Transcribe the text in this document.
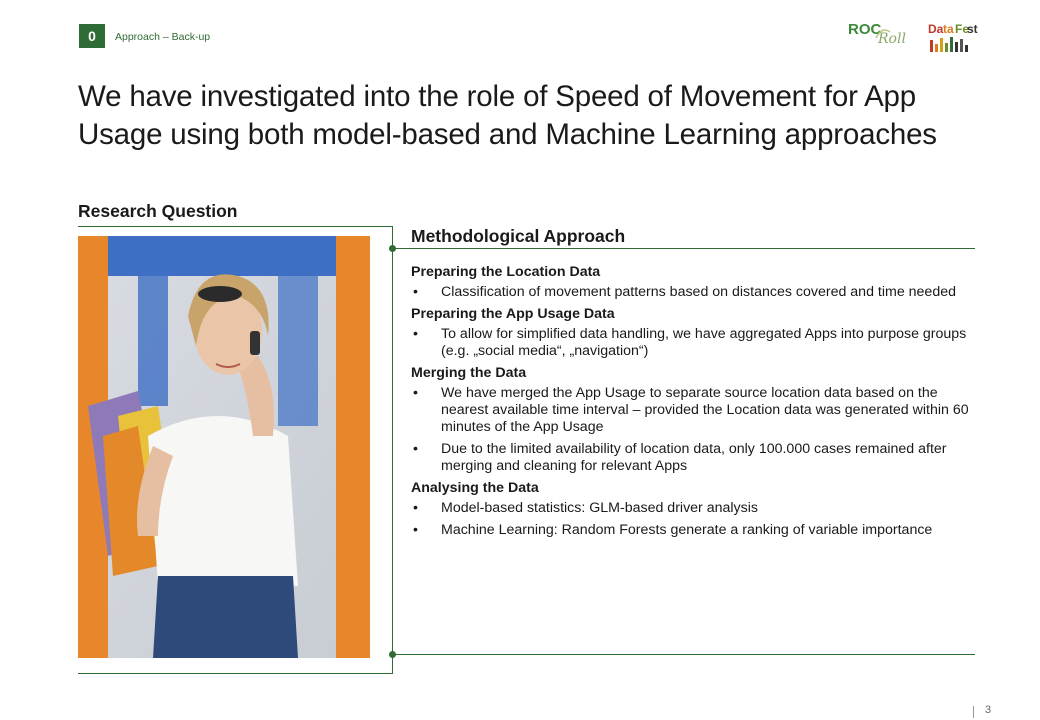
0	Approach – Back-up	ROC
Roll
Da ta Fe
st
We have investigated into the role of Speed of Movement for App Usage using both model-based and Machine Learning approaches
Research Question
Methodological Approach
Preparing the Location Data
• Classification of movement patterns based on distances covered and time needed
Preparing the App Usage Data
• To allow for simplified data handling, we have aggregated Apps into purpose groups (e.g. „social media“, „navigation“)
Merging the Data
• We have merged the App Usage to separate source location data based on the nearest available time interval – provided the Location data was generated within 60 minutes of the App Usage
• Due to the limited availability of location data, only 100.000 cases remained after merging and cleaning for relevant Apps
Analysing the Data
• Model-based statistics: GLM-based driver analysis
• Machine Learning: Random Forests generate a ranking of variable importance
3
